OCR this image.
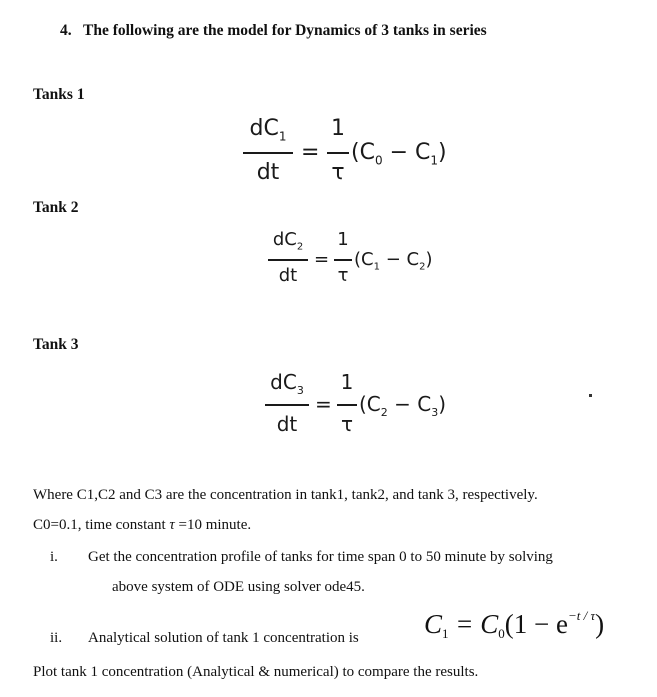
4. The following are the model for Dynamics of 3 tanks in series
Tanks 1
$dC_1$
dt
=
1
τ
$(C_0 - C_1)$
Tank 2
$dC_2$
dt
=
1
τ
$(C_1 - C_2)$
Tank 3
$dC_3$
dt
=
1
τ
$(C_2 - C_3)$
Where C1,C2 and C3 are the concentration in tank1, tank2, and tank 3, respectively.
C0=0.1, time constant τ =10 minute.
i. Get the concentration profile of tanks for time span 0 to 50 minute by solving
above system of ODE using solver ode45.
ii. Analytical solution of tank 1 concentration is $C_1 = C_0(1 - e^{-t / \tau})$
Plot tank 1 concentration (Analytical & numerical) to compare the results.
